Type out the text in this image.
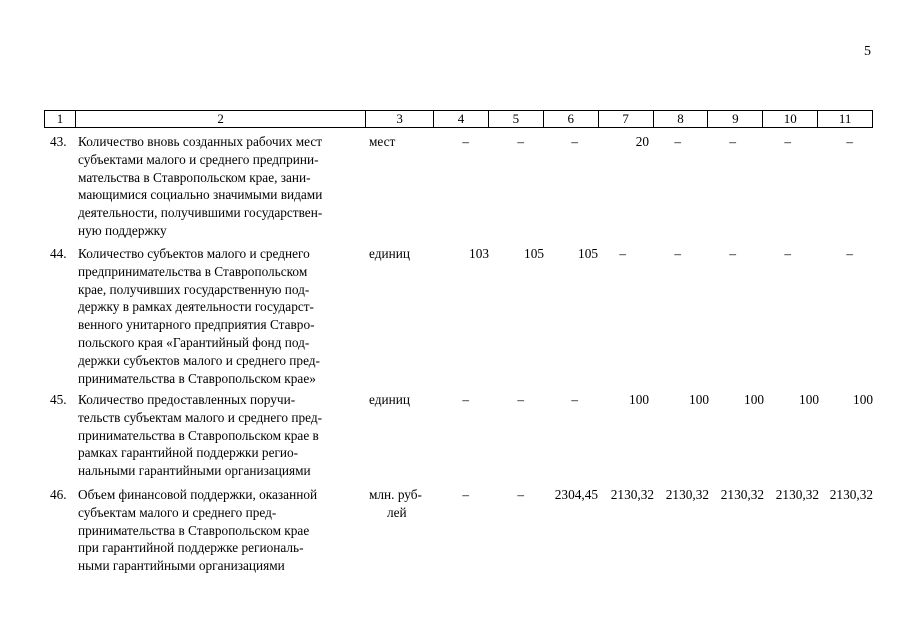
5
1	2	3	4	5	6	7	8	9	10	11
43. Количество вновь созданных рабочих мест
субъектами малого и среднего предприни-
мательства в Ставропольском крае, зани-
мающимися социально значимыми видами
деятельности, получившими государствен-
ную поддержку
мест	–	–	–	20	–	–	–	–
44. Количество субъектов малого и среднего
предпринимательства в Ставропольском
крае, получивших государственную под-
держку в рамках деятельности государст-
венного унитарного предприятия Ставро-
польского края «Гарантийный фонд под-
держки субъектов малого и среднего пред-
принимательства в Ставропольском крае»
единиц	103	105	105	–	–	–	–	–
45. Количество предоставленных поручи-
тельств субъектам малого и среднего пред-
принимательства в Ставропольском крае в
рамках гарантийной поддержки регио-
нальными гарантийными организациями
единиц	–	–	–	100	100	100	100	100
46. Объем финансовой поддержки, оказанной
субъектам малого и среднего пред-
принимательства в Ставропольском крае
при гарантийной поддержке региональ-
ными гарантийными организациями
млн. руб-
лей
–	–	2304,45 2130,32 2130,32 2130,32 2130,32 2130,32
